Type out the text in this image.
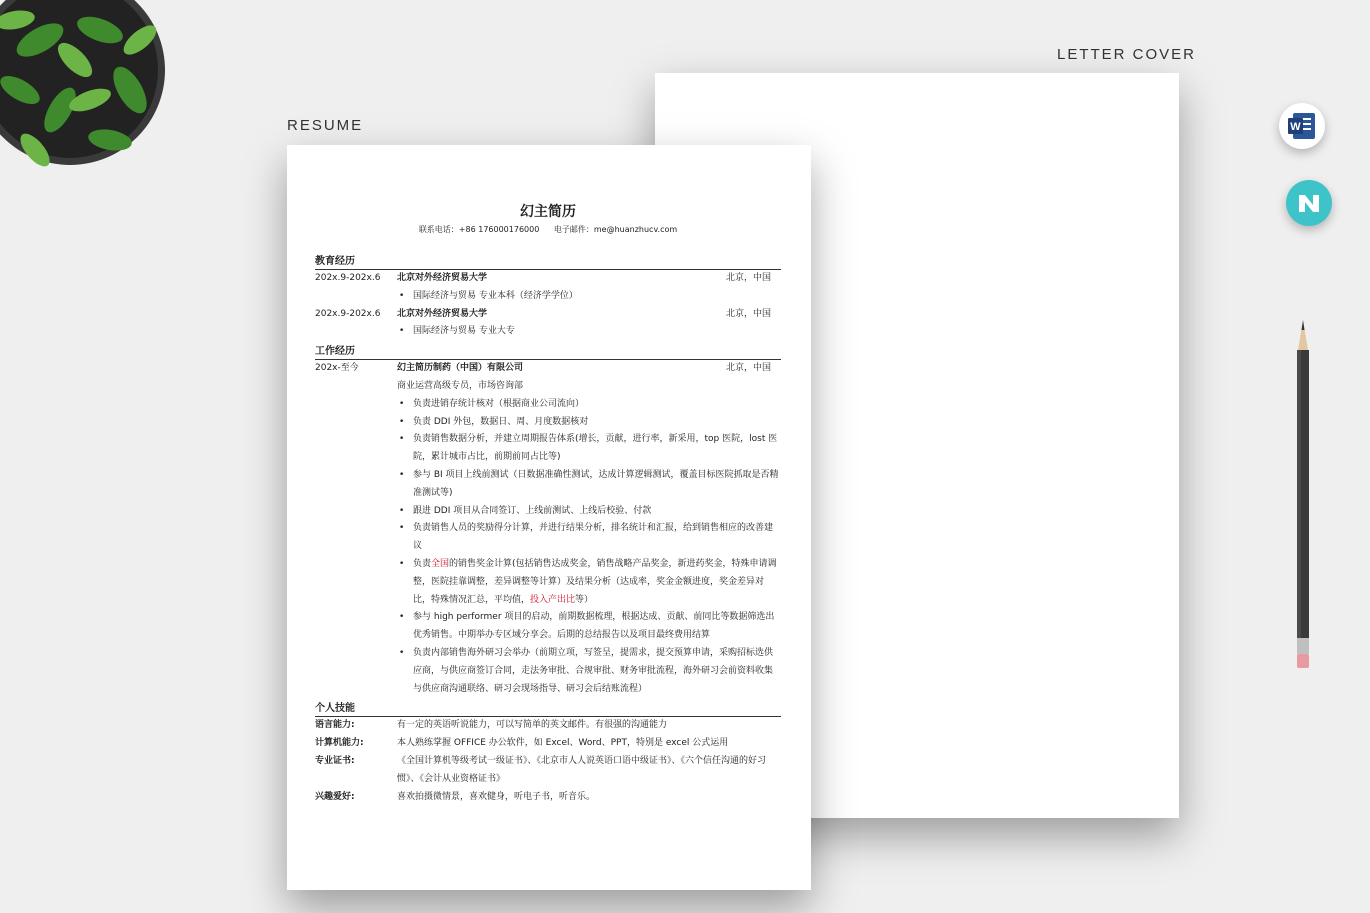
RESUME
LETTER COVER
•
•
•
•
•
•
•
•
•
•
•
幻主简历
联系电话：+86 176000176000 电子邮件：me@huanzhucv.com
教育经历
202x.9-202x.6	北京对外经济贸易大学	北京，中国
• 国际经济与贸易 专业本科（经济学学位）
202x.9-202x.6	北京对外经济贸易大学	北京，中国
• 国际经济与贸易 专业大专
工作经历
202x-至今	幻主简历制药（中国）有限公司	北京，中国
商业运营高级专员，市场咨询部
• 负责进销存统计核对（根据商业公司流向）
• 负责 DDI 外包，数据日、周、月度数据核对
• 负责销售数据分析，并建立周期报告体系(增长，贡献，进行率，新采用，top 医院，lost 医院，累计城市占比，前期前同占比等)
• 参与 BI 项目上线前测试（日数据准确性测试，达成计算逻辑测试，覆盖目标医院抓取是否精准测试等)
• 跟进 DDI 项目从合同签订、上线前测试、上线后校验、付款
• 负责销售人员的奖励得分计算，并进行结果分析，排名统计和汇报，给到销售相应的改善建议
• 负责全国的销售奖金计算(包括销售达成奖金，销售战略产品奖金，新进药奖金，特殊申请调整，医院挂靠调整，差异调整等计算）及结果分析（达成率，奖金金额进度，奖金差异对比，特殊情况汇总，平均值，投入产出比等）
• 参与 high performer 项目的启动，前期数据梳理，根据达成、贡献、前同比等数据筛选出优秀销售。中期举办专区域分享会。后期的总结报告以及项目最终费用结算
• 负责内部销售海外研习会举办（前期立项，写签呈，提需求，提交预算申请，采购招标选供应商，与供应商签订合同，走法务审批、合规审批、财务审批流程，海外研习会前资料收集与供应商沟通联络、研习会现场指导、研习会后结账流程）
个人技能
语言能力:	有一定的英语听说能力，可以写简单的英文邮件。有很强的沟通能力
计算机能力:	本人熟练掌握 OFFICE 办公软件，如 Excel、Word、PPT，特别是 excel 公式运用
专业证书:	《全国计算机等级考试一级证书》、《北京市人人说英语口语中级证书》、《六个信任沟通的好习惯》、《会计从业资格证书》
兴趣爱好:	喜欢拍摄微情景，喜欢健身，听电子书，听音乐。
W
